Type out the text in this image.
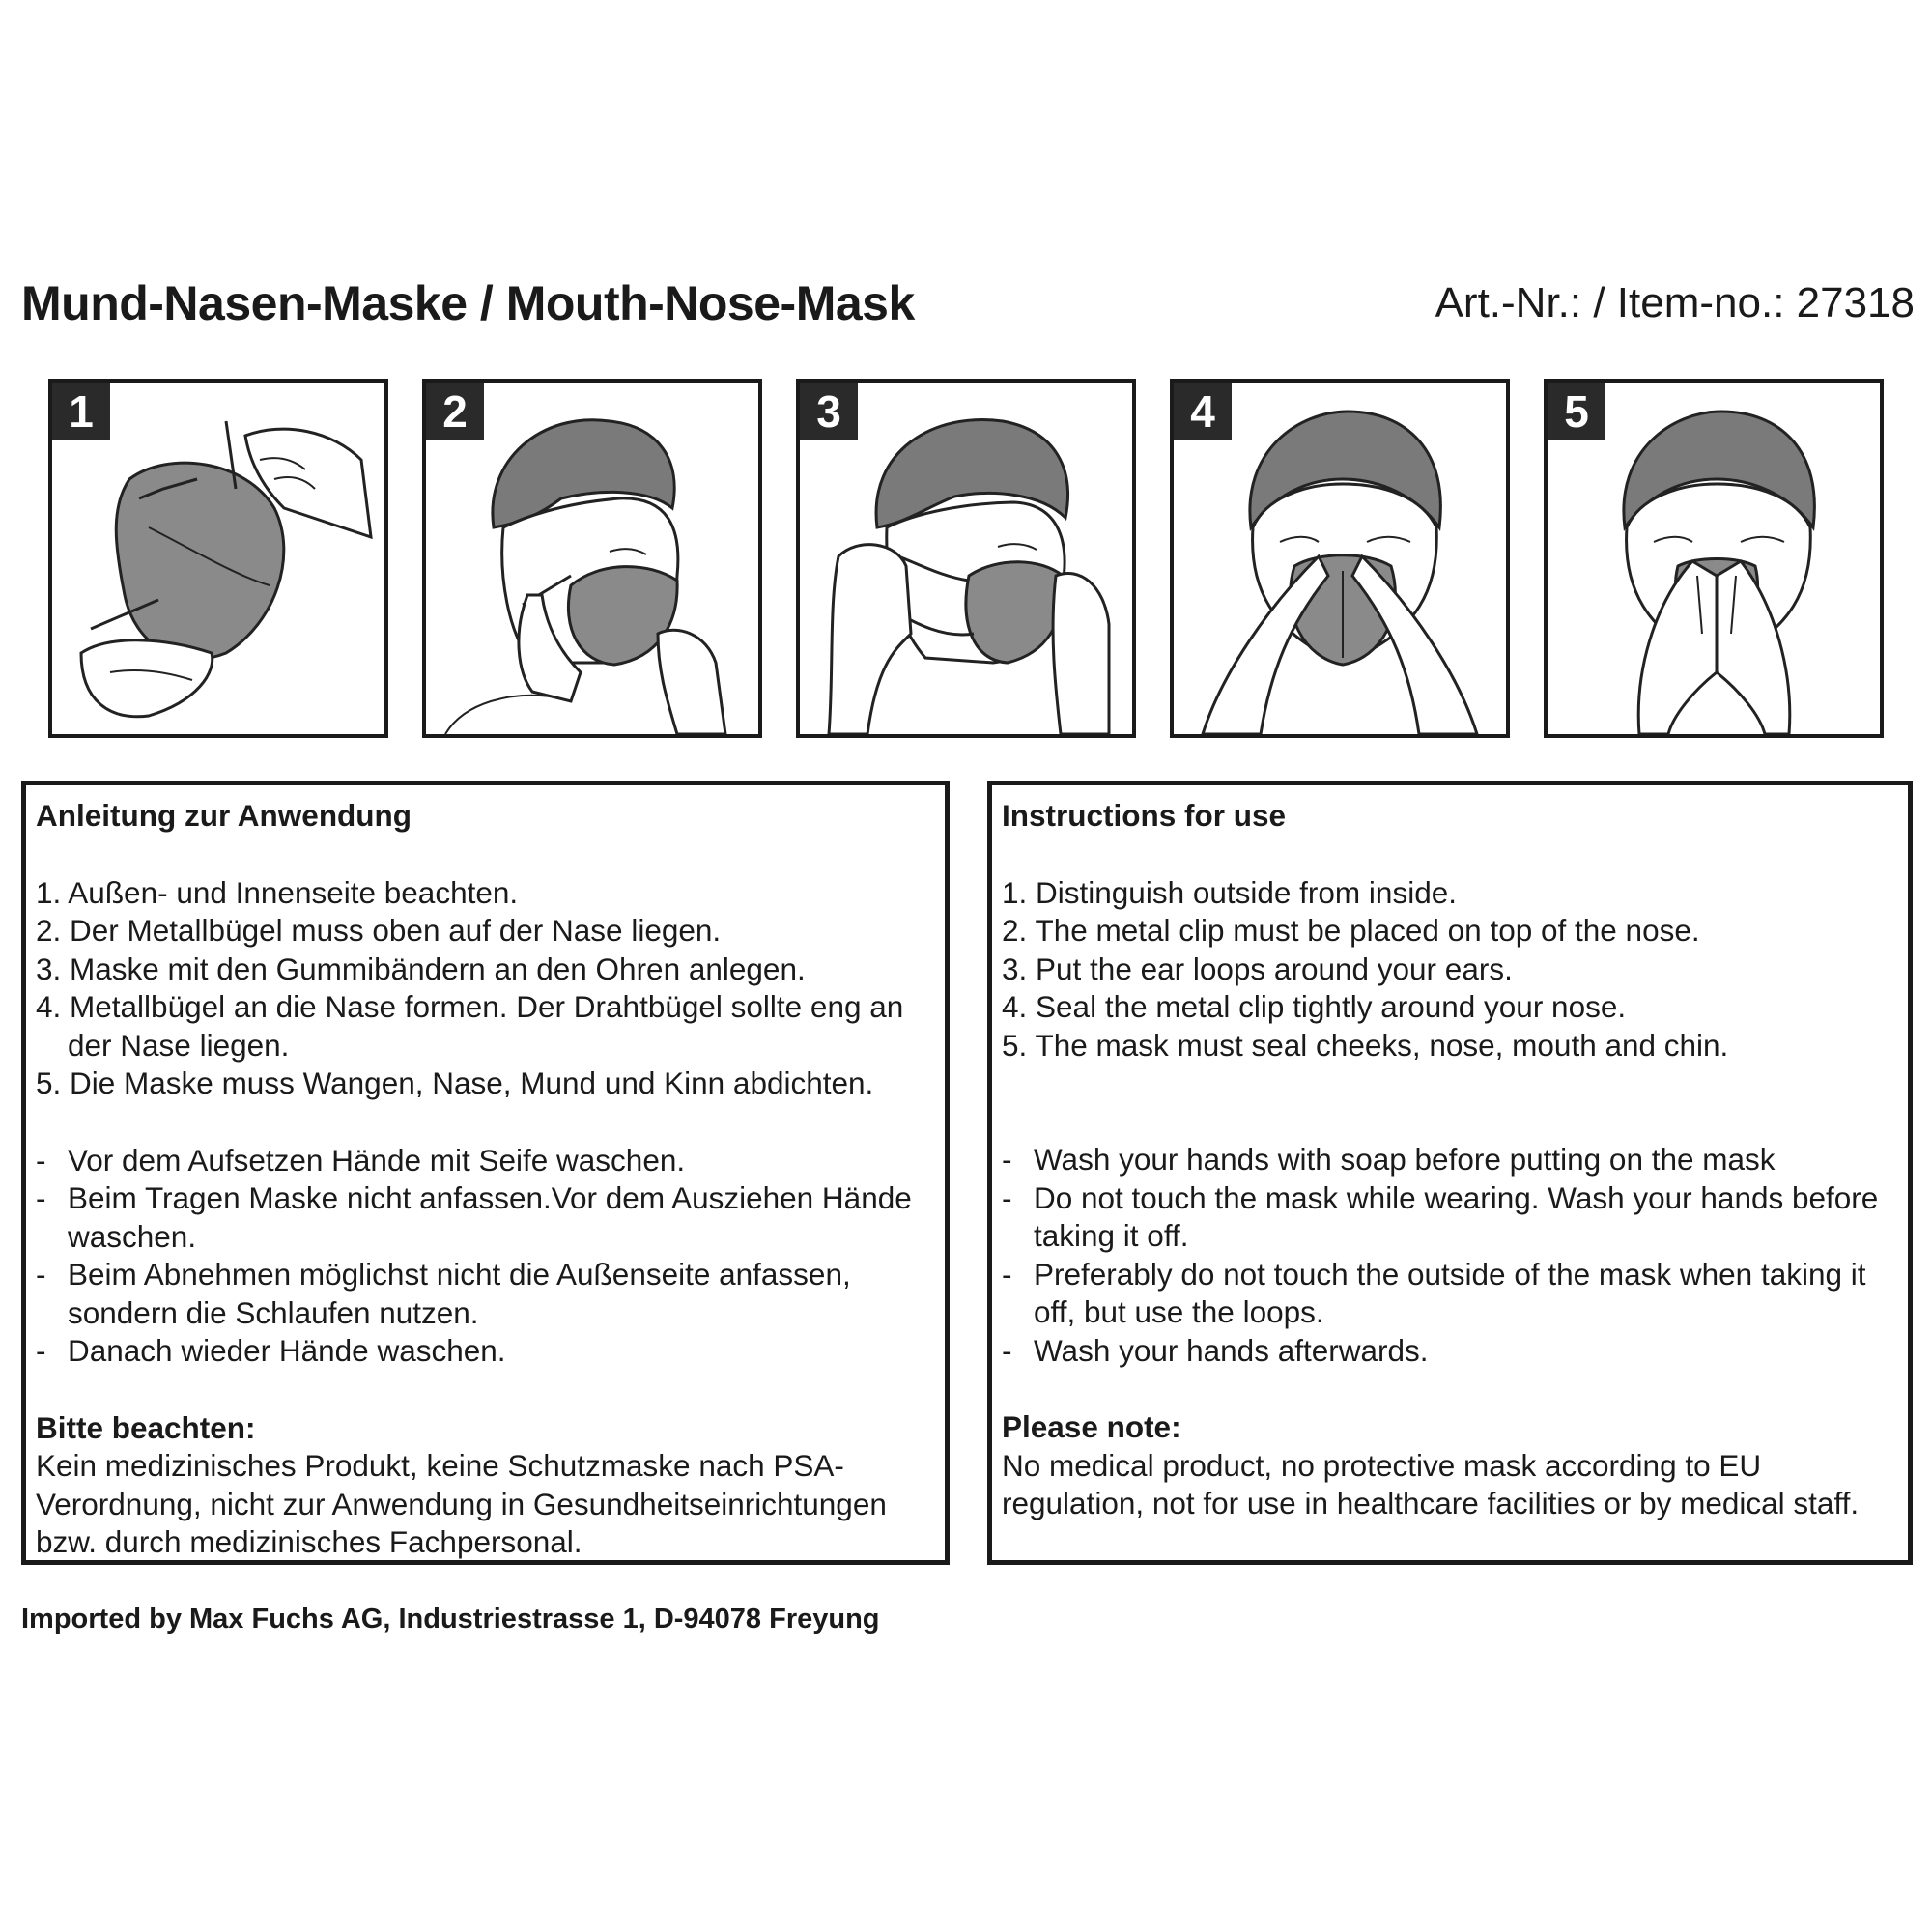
Mund-Nasen-Maske / Mouth-Nose-Mask	Art.-Nr.: / Item-no.: 27318
1	2	3	4	5
Anleitung zur Anwendung
1. Außen- und Innenseite beachten.
2. Der Metallbügel muss oben auf der Nase liegen.
3. Maske mit den Gummibändern an den Ohren anlegen.
4. Metallbügel an die Nase formen. Der Drahtbügel sollte eng an der Nase liegen.
5. Die Maske muss Wangen, Nase, Mund und Kinn abdichten.
- Vor dem Aufsetzen Hände mit Seife waschen.
- Beim Tragen Maske nicht anfassen.Vor dem Ausziehen Hände waschen.
- Beim Abnehmen möglichst nicht die Außenseite anfassen, sondern die Schlaufen nutzen.
- Danach wieder Hände waschen.
Bitte beachten:
Kein medizinisches Produkt, keine Schutzmaske nach PSA-Verordnung, nicht zur Anwendung in Gesundheitseinrichtungen bzw. durch medizinisches Fachpersonal.
Instructions for use
1. Distinguish outside from inside.
2. The metal clip must be placed on top of the nose.
3. Put the ear loops around your ears.
4. Seal the metal clip tightly around your nose.
5. The mask must seal cheeks, nose, mouth and chin.
- Wash your hands with soap before putting on the mask
- Do not touch the mask while wearing. Wash your hands before taking it off.
- Preferably do not touch the outside of the mask when taking it off, but use the loops.
- Wash your hands afterwards.
Please note:
No medical product, no protective mask according to EU regulation, not for use in healthcare facilities or by medical staff.
Imported by Max Fuchs AG, Industriestrasse 1, D-94078 Freyung
